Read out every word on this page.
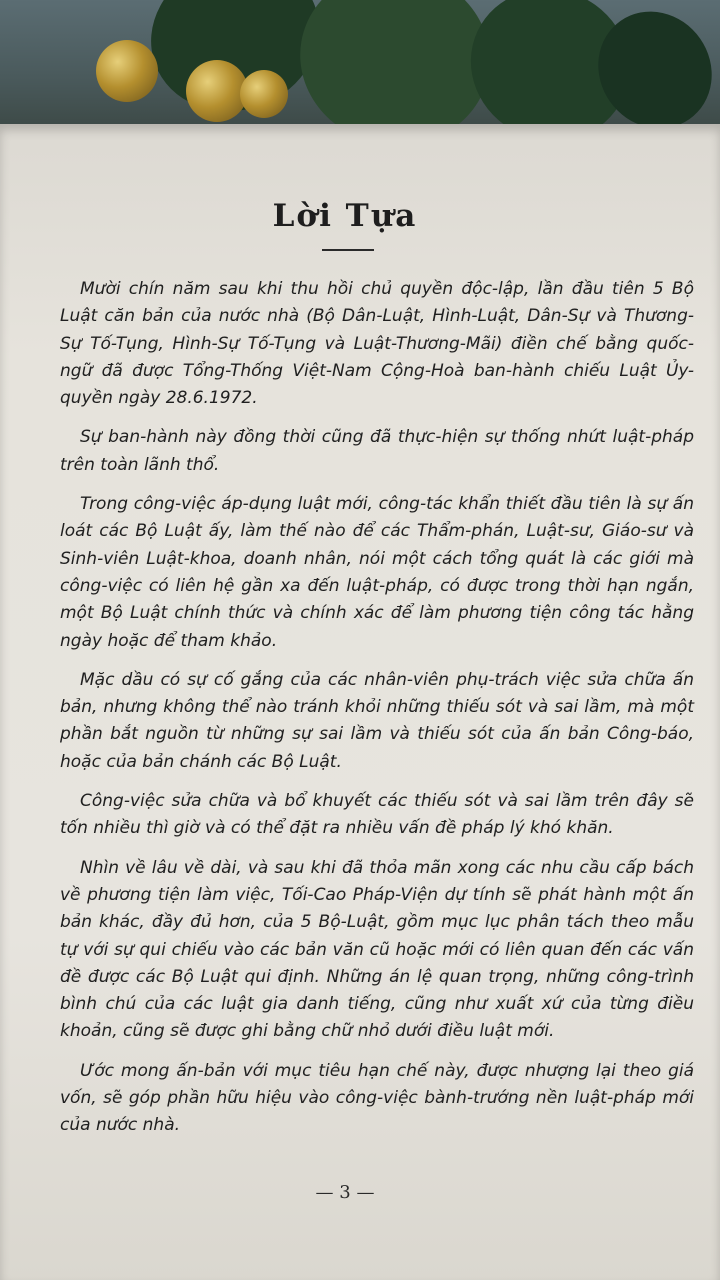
Lời Tựa

Mười chín năm sau khi thu hồi chủ quyền độc-lập, lần đầu tiên 5 Bộ Luật căn bản của nước nhà (Bộ Dân-Luật, Hình-Luật, Dân-Sự và Thương-Sự Tố-Tụng, Hình-Sự Tố-Tụng và Luật-Thương-Mãi) điền chế bằng quốc-ngữ đã được Tổng-Thống Việt-Nam Cộng-Hoà ban-hành chiếu Luật Ủy-quyền ngày 28.6.1972.

Sự ban-hành này đồng thời cũng đã thực-hiện sự thống nhứt luật-pháp trên toàn lãnh thổ.

Trong công-việc áp-dụng luật mới, công-tác khẩn thiết đầu tiên là sự ấn loát các Bộ Luật ấy, làm thế nào để các Thẩm-phán, Luật-sư, Giáo-sư và Sinh-viên Luật-khoa, doanh nhân, nói một cách tổng quát là các giới mà công-việc có liên hệ gần xa đến luật-pháp, có được trong thời hạn ngắn, một Bộ Luật chính thức và chính xác để làm phương tiện công tác hằng ngày hoặc để tham khảo.

Mặc dầu có sự cố gắng của các nhân-viên phụ-trách việc sửa chữa ấn bản, nhưng không thể nào tránh khỏi những thiếu sót và sai lầm, mà một phần bắt nguồn từ những sự sai lầm và thiếu sót của ấn bản Công-báo, hoặc của bản chánh các Bộ Luật.

Công-việc sửa chữa và bổ khuyết các thiếu sót và sai lầm trên đây sẽ tốn nhiều thì giờ và có thể đặt ra nhiều vấn đề pháp lý khó khăn.

Nhìn về lâu về dài, và sau khi đã thỏa mãn xong các nhu cầu cấp bách về phương tiện làm việc, Tối-Cao Pháp-Viện dự tính sẽ phát hành một ấn bản khác, đầy đủ hơn, của 5 Bộ-Luật, gồm mục lục phân tách theo mẫu tự với sự qui chiếu vào các bản văn cũ hoặc mới có liên quan đến các vấn đề được các Bộ Luật qui định. Những án lệ quan trọng, những công-trình bình chú của các luật gia danh tiếng, cũng như xuất xứ của từng điều khoản, cũng sẽ được ghi bằng chữ nhỏ dưới điều luật mới.

Ước mong ấn-bản với mục tiêu hạn chế này, được nhượng lại theo giá vốn, sẽ góp phần hữu hiệu vào công-việc bành-trướng nền luật-pháp mới của nước nhà.

— 3 —
